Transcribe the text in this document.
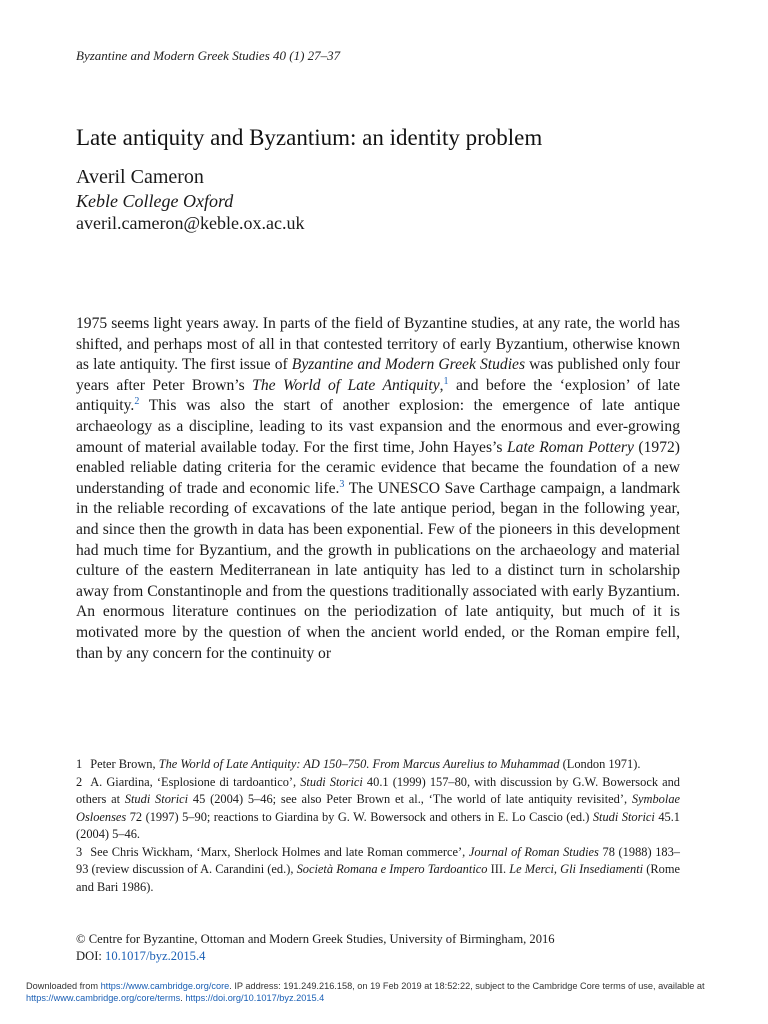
Byzantine and Modern Greek Studies 40 (1) 27–37
Late antiquity and Byzantium: an identity problem
Averil Cameron
Keble College Oxford
averil.cameron@keble.ox.ac.uk

1975 seems light years away. In parts of the field of Byzantine studies, at any rate, the world has shifted, and perhaps most of all in that contested territory of early Byzantium, otherwise known as late antiquity. The first issue of Byzantine and Modern Greek Studies was published only four years after Peter Brown’s The World of Late Antiquity,$^1$ and before the ‘explosion’ of late antiquity.$^2$ This was also the start of another explosion: the emergence of late antique archaeology as a discipline, leading to its vast expansion and the enormous and ever-growing amount of material available today. For the first time, John Hayes’s Late Roman Pottery (1972) enabled reliable dating criteria for the ceramic evidence that became the foundation of a new understanding of trade and economic life.$^3$ The UNESCO Save Carthage campaign, a landmark in the reliable recording of excavations of the late antique period, began in the following year, and since then the growth in data has been exponential. Few of the pioneers in this development had much time for Byzantium, and the growth in publications on the archaeology and material culture of the eastern Mediterranean in late antiquity has led to a distinct turn in scholarship away from Constantinople and from the questions traditionally associated with early Byzantium. An enormous literature continues on the periodization of late antiquity, but much of it is motivated more by the question of when the ancient world ended, or the Roman empire fell, than by any concern for the continuity or

1 Peter Brown, The World of Late Antiquity: AD 150–750. From Marcus Aurelius to Muhammad (London 1971).

2 A. Giardina, ‘Esplosione di tardoantico’, Studi Storici 40.1 (1999) 157–80, with discussion by G.W. Bowersock and others at Studi Storici 45 (2004) 5–46; see also Peter Brown et al., ‘The world of late antiquity revisited’, Symbolae Osloenses 72 (1997) 5–90; reactions to Giardina by G. W. Bowersock and others in E. Lo Cascio (ed.) Studi Storici 45.1 (2004) 5–46.

3 See Chris Wickham, ‘Marx, Sherlock Holmes and late Roman commerce’, Journal of Roman Studies 78 (1988) 183–93 (review discussion of A. Carandini (ed.), Società Romana e Impero Tardoantico III. Le Merci, Gli Insediamenti (Rome and Bari 1986).

© Centre for Byzantine, Ottoman and Modern Greek Studies, University of Birmingham, 2016
DOI: 10.1017/byz.2015.4
Downloaded from https://www.cambridge.org/core. IP address: 191.249.216.158, on 19 Feb 2019 at 18:52:22, subject to the Cambridge Core terms of use, available at https://www.cambridge.org/core/terms. https://doi.org/10.1017/byz.2015.4
